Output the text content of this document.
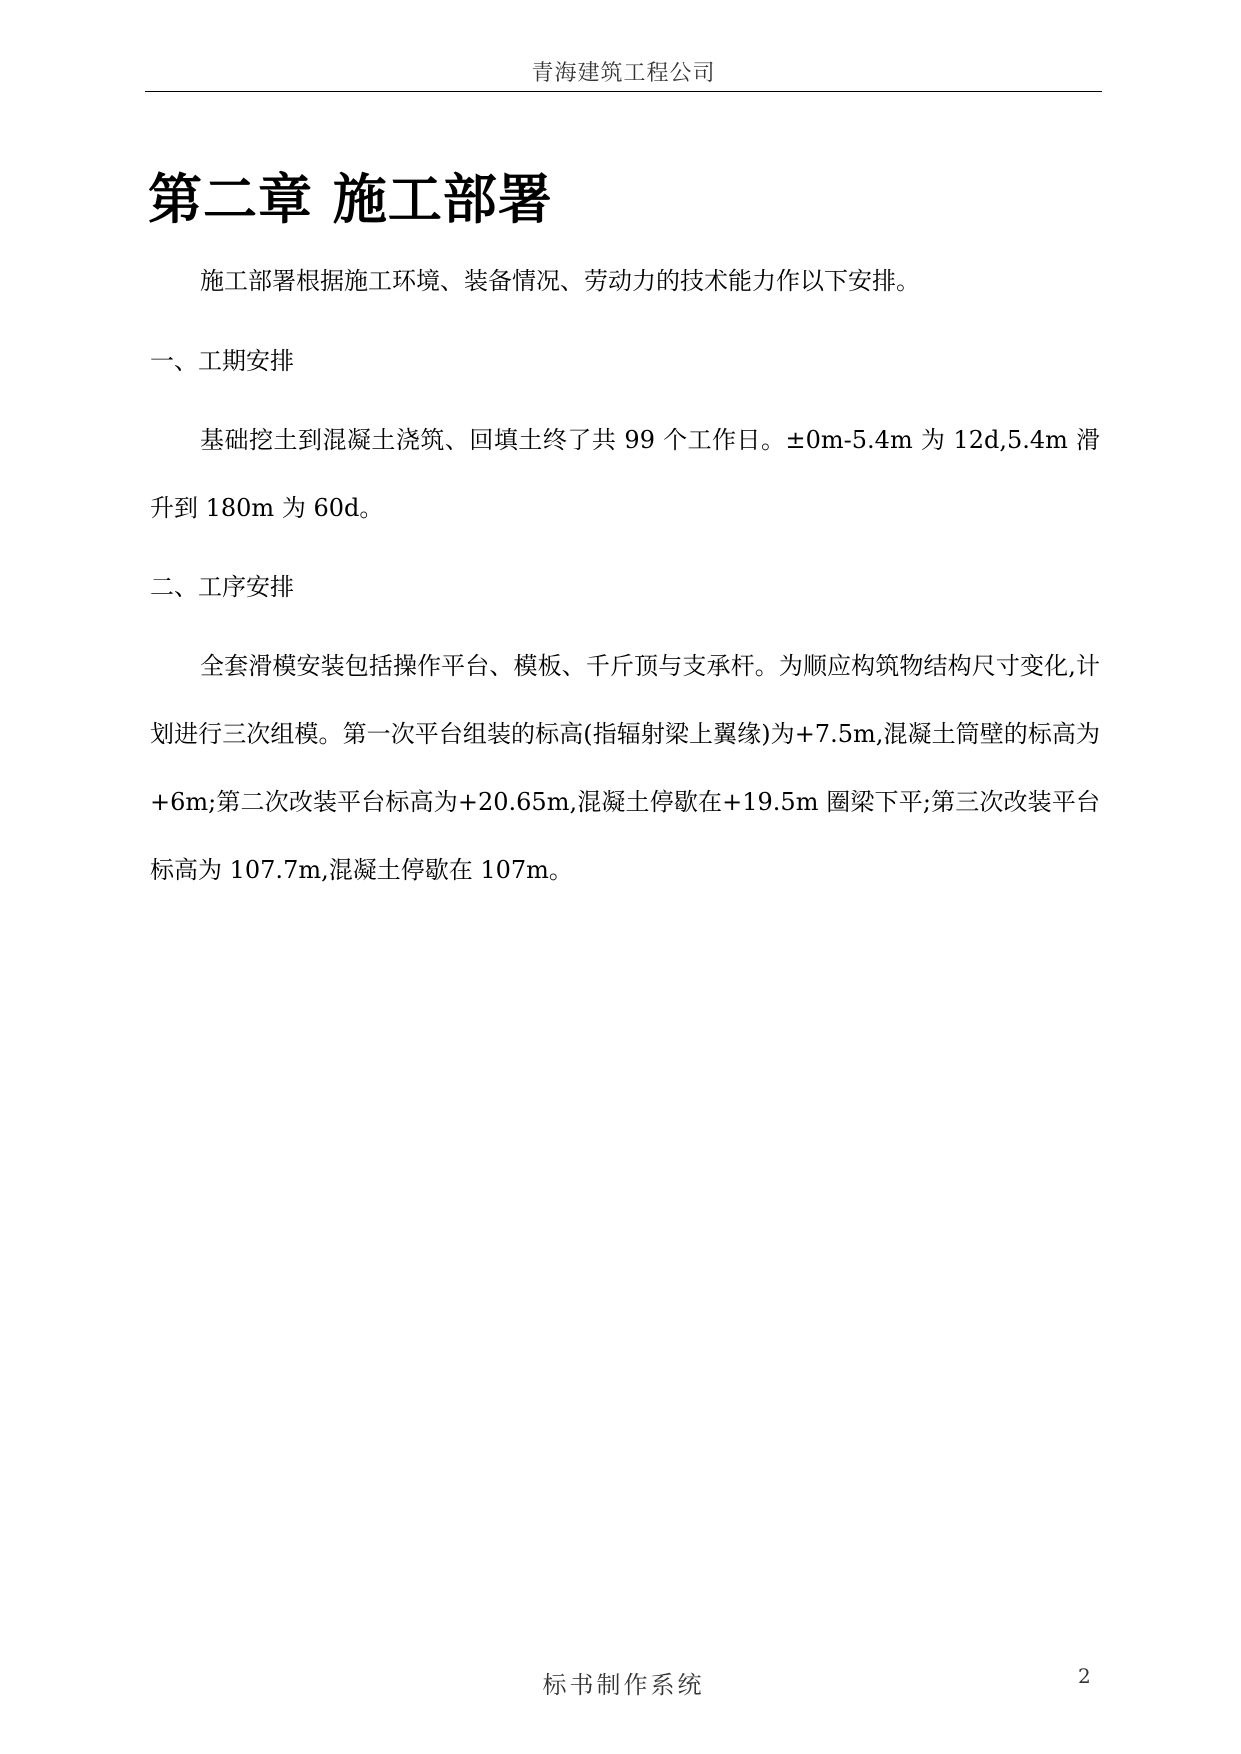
青海建筑工程公司
第二章 施工部署

施工部署根据施工环境、装备情况、劳动力的技术能力作以下安排。

一、工期安排

基础挖土到混凝土浇筑、回填土终了共 99 个工作日。±0m-5.4m 为 12d,5.4m 滑升到 180m 为 60d。

二、工序安排

全套滑模安装包括操作平台、模板、千斤顶与支承杆。为顺应构筑物结构尺寸变化,计划进行三次组模。第一次平台组装的标高(指辐射梁上翼缘)为+7.5m,混凝土筒壁的标高为+6m;第二次改装平台标高为+20.65m,混凝土停歇在+19.5m 圈梁下平;第三次改装平台标高为 107.7m,混凝土停歇在 107m。

标书制作系统	2
